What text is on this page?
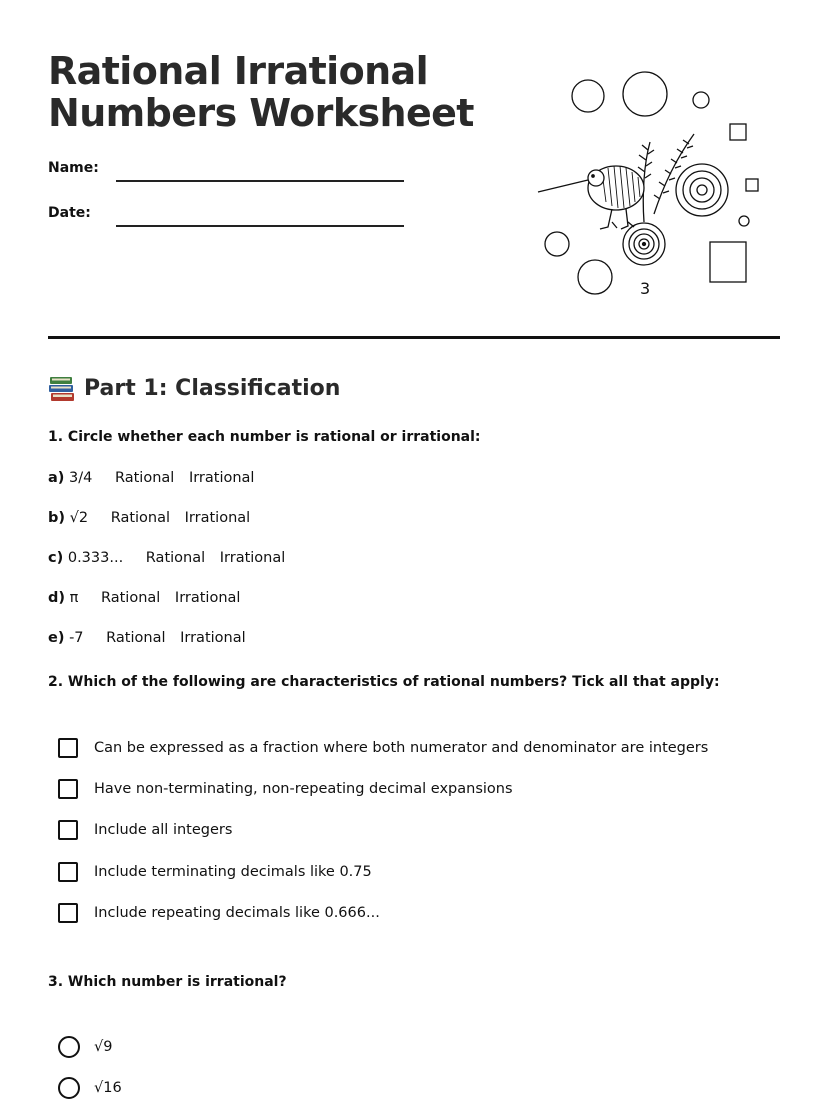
Rational Irrational
Numbers Worksheet
Name:
Date:
3
Part 1: Classification

1. Circle whether each number is rational or irrational:

a) 3/4 Rational Irrational
b) √2 Rational Irrational
c) 0.333... Rational Irrational
d) π Rational Irrational
e) -7 Rational Irrational

2. Which of the following are characteristics of rational numbers? Tick all that apply:

Can be expressed as a fraction where both numerator and denominator are integers
Have non-terminating, non-repeating decimal expansions
Include all integers
Include terminating decimals like 0.75
Include repeating decimals like 0.666...

3. Which number is irrational?

√9
√16
